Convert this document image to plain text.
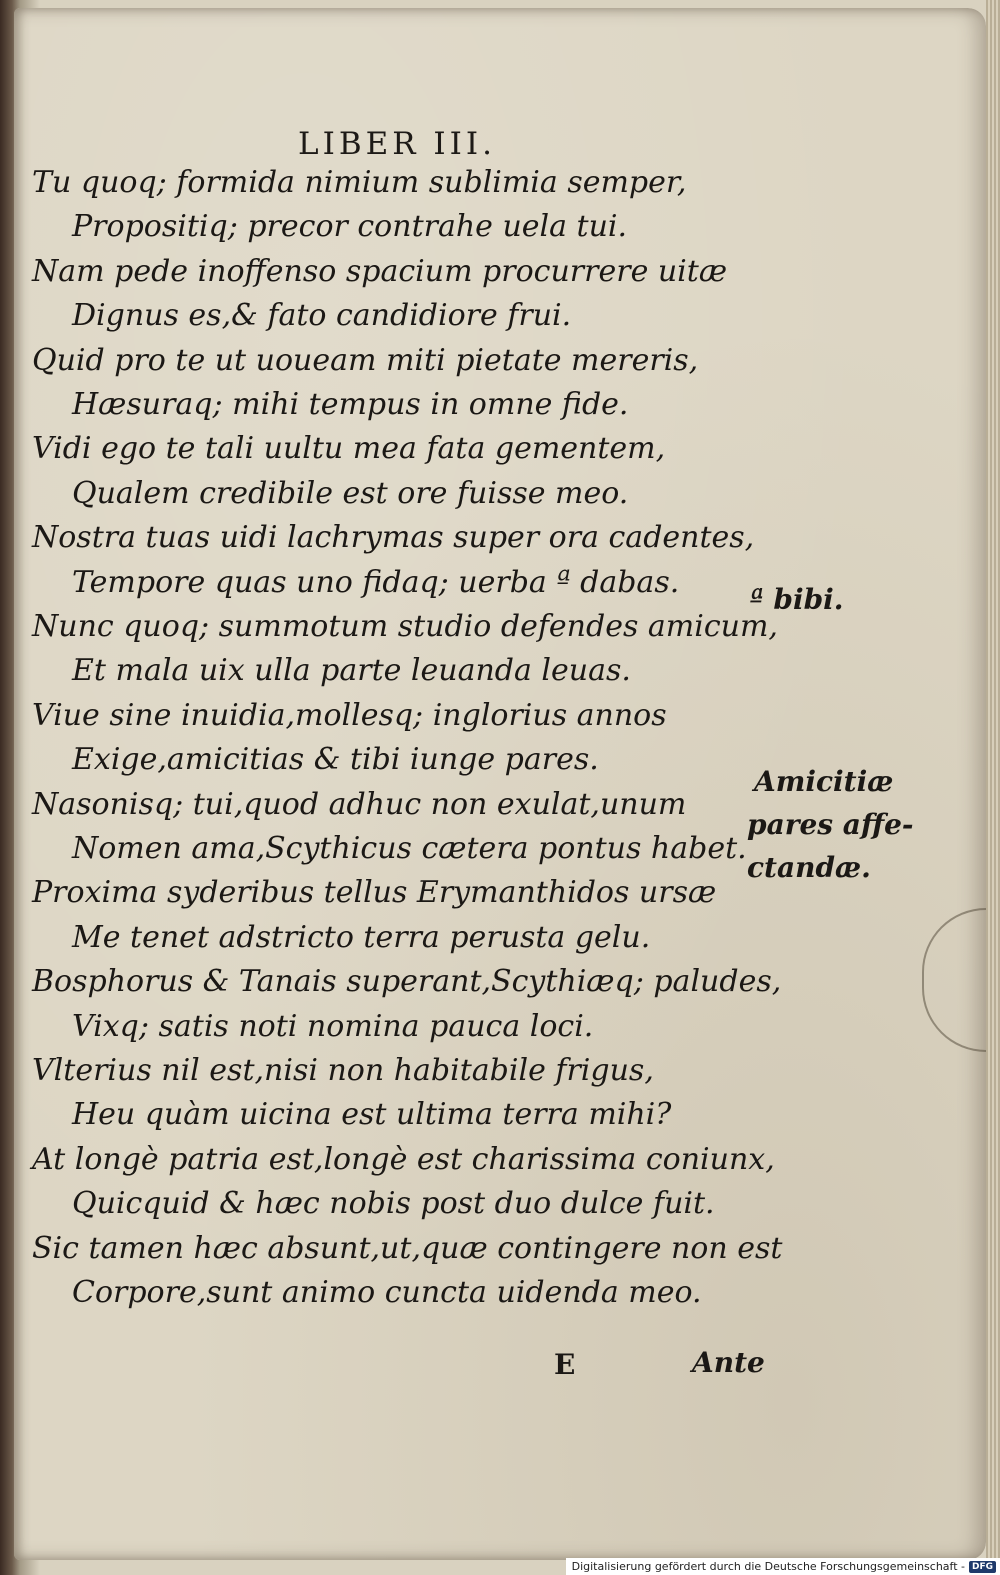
LIBER III.
Tu quoq; formida nimium sublimia semper,
Propositiq; precor contrahe uela tui.
Nam pede inoffenso spacium procurrere uitæ
Dignus es,& fato candidiore frui.
Quid pro te ut uoueam miti pietate mereris,
Hæsuraq; mihi tempus in omne fide.
Vidi ego te tali uultu mea fata gementem,
Qualem credibile est ore fuisse meo.
Nostra tuas uidi lachrymas super ora cadentes,
Tempore quas uno fidaq; uerba ª dabas.
Nunc quoq; summotum studio defendes amicum,
Et mala uix ulla parte leuanda leuas.
Viue sine inuidia,mollesq; inglorius annos
Exige,amicitias & tibi iunge pares.
Nasonisq; tui,quod adhuc non exulat,unum
Nomen ama,Scythicus cætera pontus habet.
Proxima syderibus tellus Erymanthidos ursæ
Me tenet adstricto terra perusta gelu.
Bosphorus & Tanais superant,Scythiæq; paludes,
Vixq; satis noti nomina pauca loci.
Vlterius nil est,nisi non habitabile frigus,
Heu quàm uicina est ultima terra mihi?
At longè patria est,longè est charissima coniunx,
Quicquid & hæc nobis post duo dulce fuit.
Sic tamen hæc absunt,ut,quæ contingere non est
Corpore,sunt animo cuncta uidenda meo.
ª bibi.
Amicitiæ
pares affe-
ctandæ.
E	Ante
Digitalisierung gefördert durch die Deutsche Forschungsgemeinschaft - DFG
